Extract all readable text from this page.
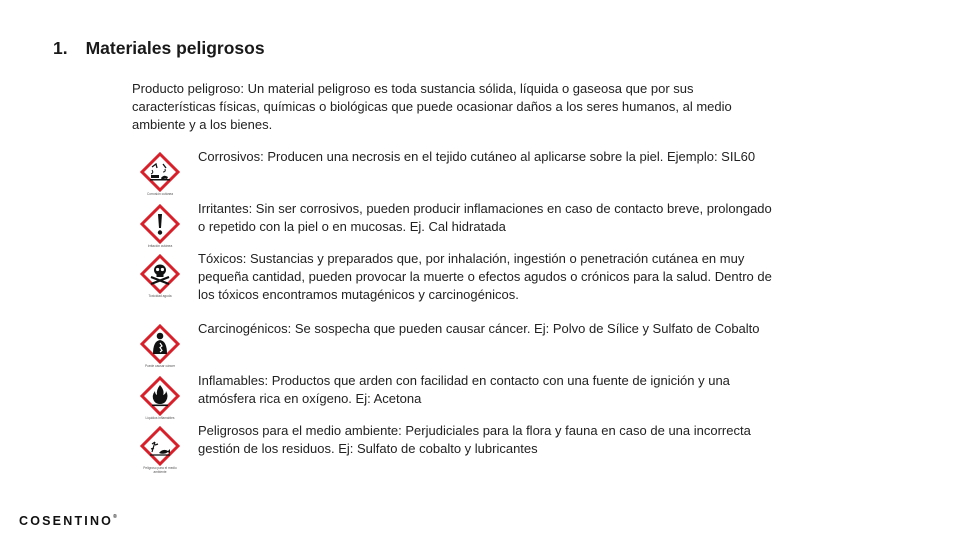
1. Materiales peligrosos
Producto peligroso: Un material peligroso es toda sustancia sólida, líquida o gaseosa que por sus características físicas, químicas o biológicas que puede ocasionar daños a los seres humanos, al medio ambiente y a los bienes.
Corrosión cutánea
Corrosivos: Producen una necrosis en el tejido cutáneo al aplicarse sobre la piel. Ejemplo: SIL60
Irritación cutánea
Irritantes: Sin ser corrosivos, pueden producir inflamaciones en caso de contacto breve, prolongado o repetido con la piel o en mucosas. Ej. Cal hidratada
Toxicidad aguda
Tóxicos: Sustancias y preparados que, por inhalación, ingestión o penetración cutánea en muy pequeña cantidad, pueden provocar la muerte o efectos agudos o crónicos para la salud. Dentro de los tóxicos encontramos mutagénicos y carcinogénicos.
Puede causar cáncer
Carcinogénicos: Se sospecha que pueden causar cáncer. Ej: Polvo de Sílice y Sulfato de Cobalto
Líquidos inflamables
Inflamables: Productos que arden con facilidad en contacto con una fuente de ignición y una atmósfera rica en oxígeno. Ej: Acetona
Peligroso para el medio ambiente
Peligrosos para el medio ambiente: Perjudiciales para la flora y fauna en caso de una incorrecta gestión de los residuos. Ej: Sulfato de cobalto y lubricantes
COSENTINO®
